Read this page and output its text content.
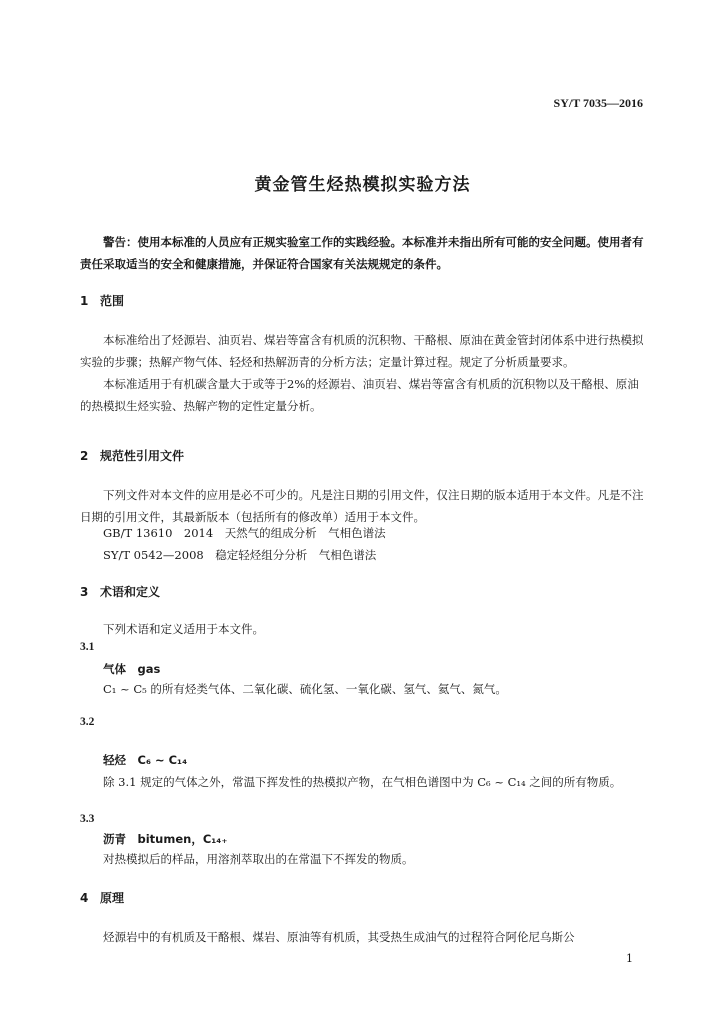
SY/T 7035—2016
黄金管生烃热模拟实验方法

警告：使用本标准的人员应有正规实验室工作的实践经验。本标准并未指出所有可能的安全问题。使用者有责任采取适当的安全和健康措施，并保证符合国家有关法规规定的条件。

1 范围

本标准给出了烃源岩、油页岩、煤岩等富含有机质的沉积物、干酪根、原油在黄金管封闭体系中进行热模拟实验的步骤；热解产物气体、轻烃和热解沥青的分析方法；定量计算过程。规定了分析质量要求。

本标准适用于有机碳含量大于或等于2%的烃源岩、油页岩、煤岩等富含有机质的沉积物以及干酪根、原油的热模拟生烃实验、热解产物的定性定量分析。

2 规范性引用文件

下列文件对本文件的应用是必不可少的。凡是注日期的引用文件，仅注日期的版本适用于本文件。凡是不注日期的引用文件，其最新版本（包括所有的修改单）适用于本文件。

GB/T 13610　2014　天然气的组成分析　气相色谱法
SY/T 0542—2008　稳定轻烃组分分析　气相色谱法
3 术语和定义
下列术语和定义适用于本文件。
3.1
气体　gas
C₁ ~ C₅ 的所有烃类气体、二氧化碳、硫化氢、一氧化碳、氢气、氦气、氮气。
3.2
轻烃　C₆ ~ C₁₄

除 3.1 规定的气体之外，常温下挥发性的热模拟产物，在气相色谱图中为 C₆ ~ C₁₄ 之间的所有物质。

3.3
沥青　bitumen，C₁₄₊
对热模拟后的样品，用溶剂萃取出的在常温下不挥发的物质。
4 原理
烃源岩中的有机质及干酪根、煤岩、原油等有机质，其受热生成油气的过程符合阿伦尼乌斯公
1
